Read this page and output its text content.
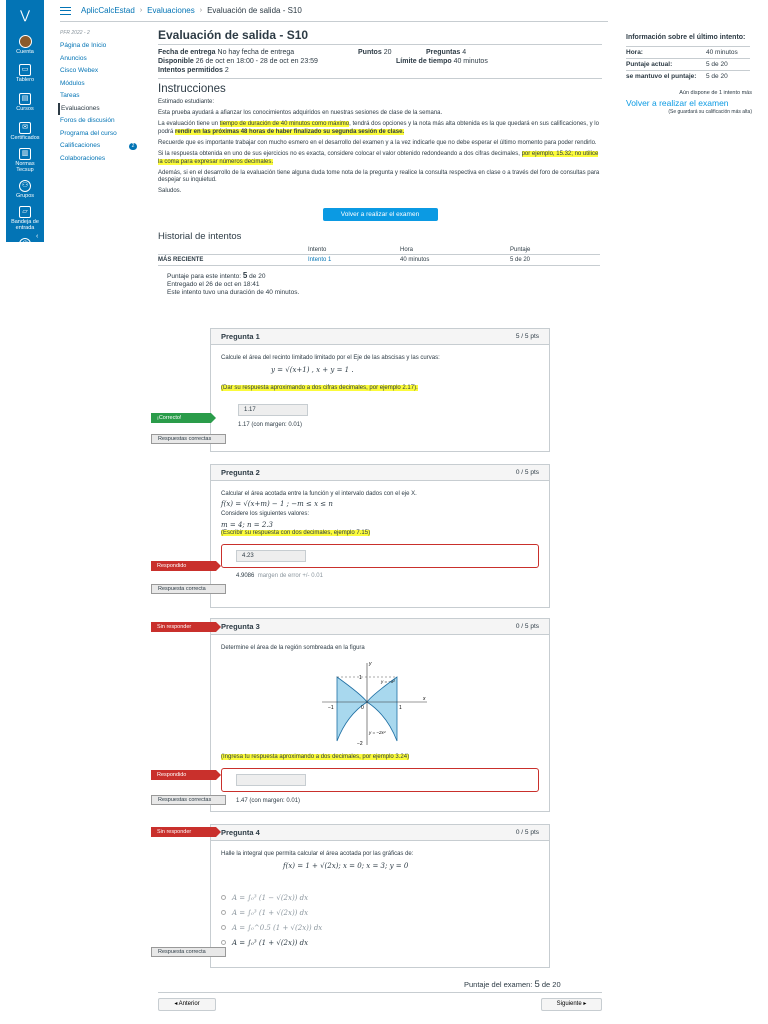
⋁
Cuenta
▭
Tablero
▤
Cursos
✉
Certificados
▥
Normas Tecsup
⚇
Grupos
▱
Bandeja de entrada
◷
Historial
?
Ayuda
‹
AplicCalcEstad › Evaluaciones › Evaluación de salida - S10
PFR 2022 - 2
Página de Inicio
Anuncios
Cisco Webex
Módulos
Tareas
Evaluaciones
Foros de discusión
Programa del curso
Calificaciones	2
Colaboraciones
Evaluación de salida - S10
Fecha de entrega No hay fecha de entrega	Puntos 20	Preguntas 4
Disponible 26 de oct en 18:00 - 28 de oct en 23:59	Límite de tiempo 40 minutos
Intentos permitidos 2
Instrucciones

Estimado estudiante:

Esta prueba ayudará a afianzar los conocimientos adquiridos en nuestras sesiones de clase de la semana.

La evaluación tiene un tiempo de duración de 40 minutos como máximo, tendrá dos opciones y la nota más alta obtenida es la que quedará en sus calificaciones, y lo podrá rendir en las próximas 48 horas de haber finalizado su segunda sesión de clase.

Recuerde que es importante trabajar con mucho esmero en el desarrollo del examen y a la vez indicarle que no debe esperar el último momento para poder rendirlo.

Si la respuesta obtenida en uno de sus ejercicios no es exacta, considere colocar el valor obtenido redondeando a dos cifras decimales, por ejemplo, 15.32; no utilice la coma para expresar números decimales.

Además, si en el desarrollo de la evaluación tiene alguna duda tome nota de la pregunta y realice la consulta respectiva en clase o a través del foro de consultas para despejar su inquietud.

Saludos.

Volver a realizar el examen
Historial de intentos
	Intento	Hora	Puntaje
MÁS RECIENTE	Intento 1	40 minutos	5 de 20
Puntaje para este intento: 5 de 20
Entregado el 26 de oct en 18:41
Este intento tuvo una duración de 40 minutos.
Pregunta 1	5 / 5 pts
Calcule el área del recinto limitado limitado por el Eje de las abscisas y las curvas:
y = √(x+1) , x + y = 1 .
(Dar su respuesta aproximando a dos cifras decimales, por ejemplo 2.17).
1.17
1.17 (con margen: 0.01)
¡Correcto!
Respuestas correctas
Pregunta 2	0 / 5 pts
Calcular el área acotada entre la función y el intervalo dados con el eje X.
f(x) = √(x+m) − 1 ; −m ≤ x ≤ n
Considere los siguientes valores:
m = 4; n = 2.3
(Escribir su respuesta con dos decimales, ejemplo 7.15)
4.23
4.9086
margen de error +/- 0.01
Respondido
Respuesta correcta
Pregunta 3	0 / 5 pts
Determine el área de la región sombreada en la figura
y
x
1
−1	1
0
y = −x²
y = −2x⁴
−2
(Ingresa tu respuesta aproximando a dos decimales, por ejemplo 3.24)
1.47 (con margen: 0.01)
Sin responder
Respondido
Respuestas correctas
Pregunta 4	0 / 5 pts
Halle la integral que permita calcular el área acotada por las gráficas de:
f(x) = 1 + √(2x); x = 0; x = 3; y = 0
A = ∫₀³ (1 − √(2x)) dx
A = ∫₀³ (1 + √(2x)) dx
A = ∫₀^0.5 (1 + √(2x)) dx
A = ∫₀³ (1 + √(2x)) dx
Sin responder
Respuesta correcta
Puntaje del examen: 5 de 20
◂ Anterior	Siguiente ▸
Información sobre el último intento:
Hora:	40 minutos
Puntaje actual:	5 de 20
se mantuvo el puntaje:	5 de 20
Aún dispone de 1 intento más
Volver a realizar el examen
(Se guardará su calificación más alta)
